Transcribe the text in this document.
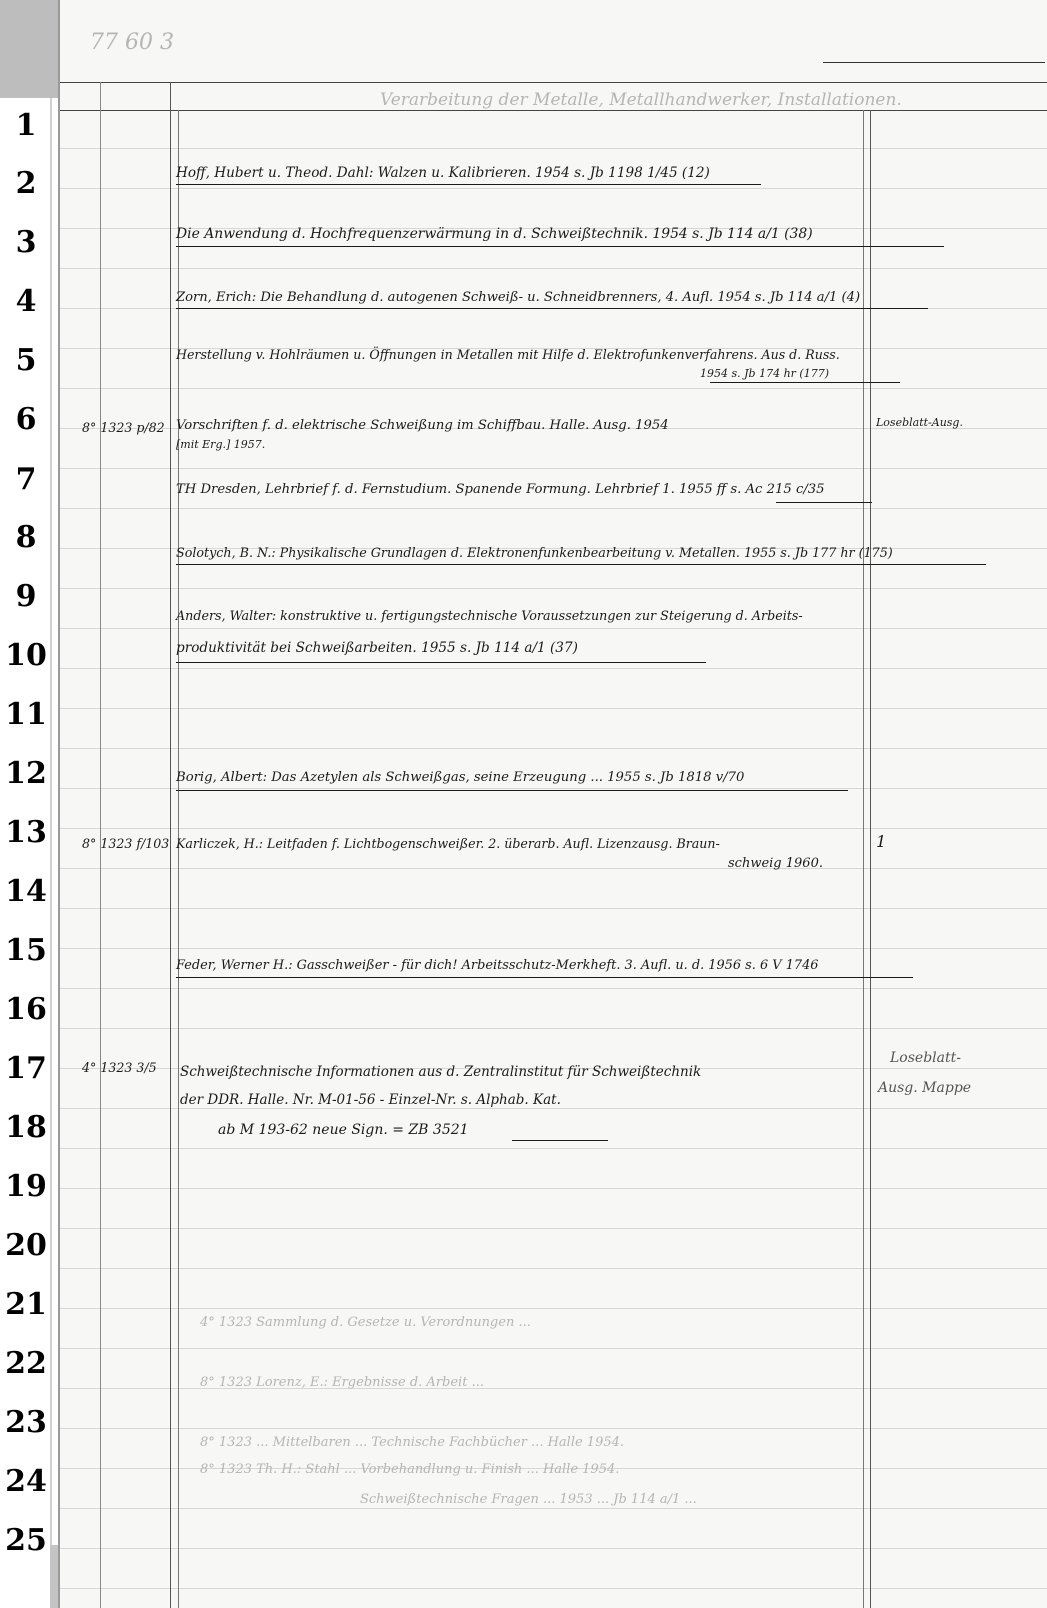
1
2
3
4
5
6
7
8
9
10
11
12
13
14
15
16
17
18
19
20
21
22
23
24
25
77 60 3
Verarbeitung der Metalle, Metallhandwerker, Installationen.
Hoff, Hubert u. Theod. Dahl: Walzen u. Kalibrieren. 1954 s. Jb 1198 1/45 (12)
Die Anwendung d. Hochfrequenzerwärmung in d. Schweißtechnik. 1954 s. Jb 114 a/1 (38)
Zorn, Erich: Die Behandlung d. autogenen Schweiß- u. Schneidbrenners, 4. Aufl. 1954 s. Jb 114 a/1 (4)
Herstellung v. Hohlräumen u. Öffnungen in Metallen mit Hilfe d. Elektrofunkenverfahrens. Aus d. Russ.
1954 s. Jb 174 hr (177)
8° 1323 p/82 Vorschriften f. d. elektrische Schweißung im Schiffbau. Halle. Ausg. 1954	Loseblatt-Ausg.
[mit Erg.] 1957.
TH Dresden, Lehrbrief f. d. Fernstudium. Spanende Formung. Lehrbrief 1. 1955 ff s. Ac 215 c/35
Solotych, B. N.: Physikalische Grundlagen d. Elektronenfunkenbearbeitung v. Metallen. 1955 s. Jb 177 hr (175)
Anders, Walter: konstruktive u. fertigungstechnische Voraussetzungen zur Steigerung d. Arbeits-
produktivität bei Schweißarbeiten. 1955 s. Jb 114 a/1 (37)
Borig, Albert: Das Azetylen als Schweißgas, seine Erzeugung ... 1955 s. Jb 1818 v/70
8° 1323 f/103 Karliczek, H.: Leitfaden f. Lichtbogenschweißer. 2. überarb. Aufl. Lizenzausg. Braun-	1
schweig 1960.
Feder, Werner H.: Gasschweißer - für dich! Arbeitsschutz-Merkheft. 3. Aufl. u. d. 1956 s. 6 V 1746
4° 1323 3/5 Schweißtechnische Informationen aus d. Zentralinstitut für Schweißtechnik
Loseblatt-
der DDR. Halle. Nr. M-01-56 - Einzel-Nr. s. Alphab. Kat.
Ausg. Mappe
ab M 193-62 neue Sign. = ZB 3521
4° 1323 Sammlung d. Gesetze u. Verordnungen ...
8° 1323 Lorenz, E.: Ergebnisse d. Arbeit ...
8° 1323 ... Mittelbaren ... Technische Fachbücher ... Halle 1954.
8° 1323 Th. H.: Stahl ... Vorbehandlung u. Finish ... Halle 1954.
Schweißtechnische Fragen ... 1953 ... Jb 114 a/1 ...
